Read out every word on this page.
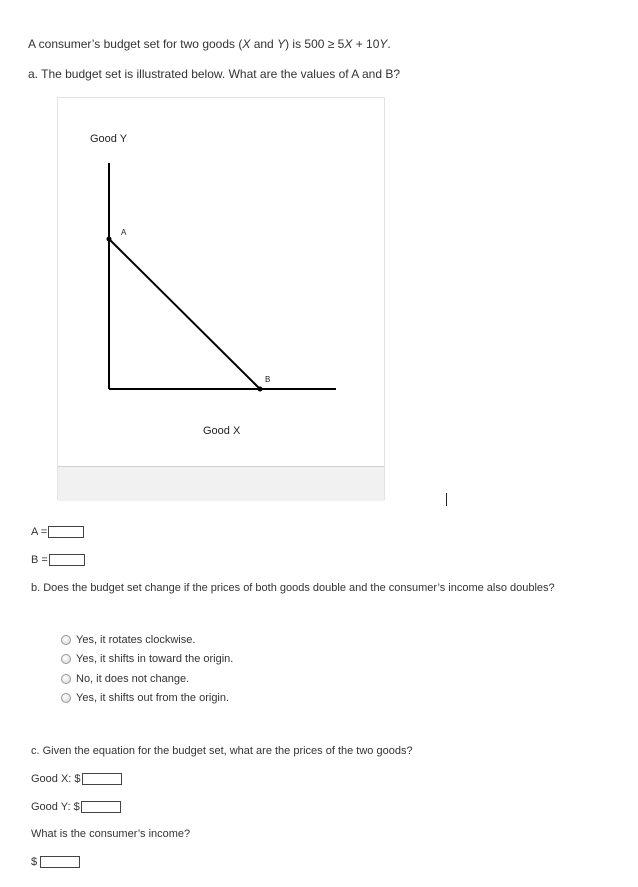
A consumer’s budget set for two goods (X and Y) is 500 ≥ 5X + 10Y.
a. The budget set is illustrated below. What are the values of A and B?
Good Y
A
B
Good X
A =
B =
b. Does the budget set change if the prices of both goods double and the consumer’s income also doubles?
Yes, it rotates clockwise.
Yes, it shifts in toward the origin.
No, it does not change.
Yes, it shifts out from the origin.
c. Given the equation for the budget set, what are the prices of the two goods?
Good X: $
Good Y: $
What is the consumer’s income?
$
